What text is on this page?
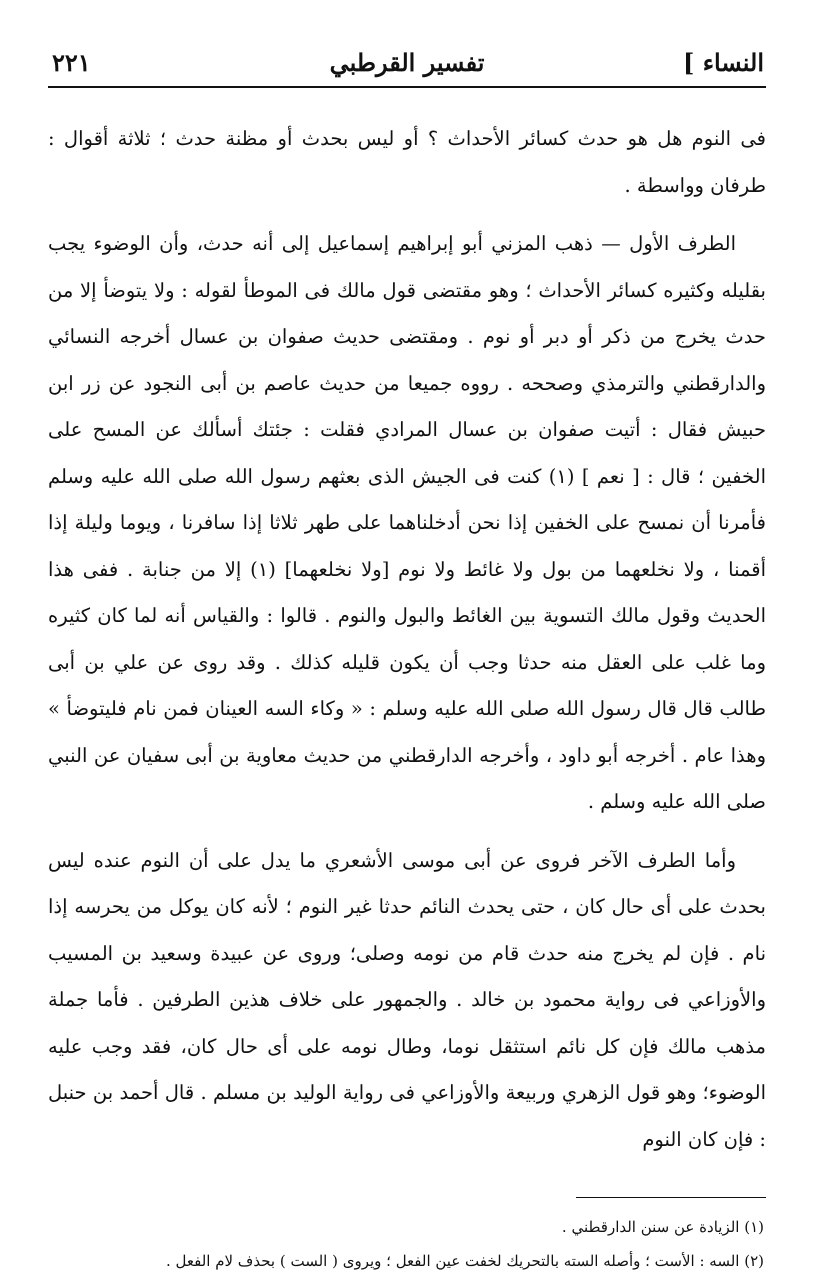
النساء ]
تفسير القرطبي
٢٢١

فى النوم هل هو حدث كسائر الأحداث ؟ أو ليس بحدث أو مظنة حدث ؛ ثلاثة أقوال : طرفان وواسطة .

الطرف الأول — ذهب المزني أبو إبراهيم إسماعيل إلى أنه حدث، وأن الوضوء يجب بقليله وكثيره كسائر الأحداث ؛ وهو مقتضى قول مالك فى الموطأ لقوله : ولا يتوضأ إلا من حدث يخرج من ذكر أو دبر أو نوم . ومقتضى حديث صفوان بن عسال أخرجه النسائي والدارقطني والترمذي وصححه . رووه جميعا من حديث عاصم بن أبى النجود عن زر ابن حبيش فقال : أتيت صفوان بن عسال المرادي فقلت : جئتك أسألك عن المسح على الخفين ؛ قال : [ نعم ] (١) كنت فى الجيش الذى بعثهم رسول الله صلى الله عليه وسلم فأمرنا أن نمسح على الخفين إذا نحن أدخلناهما على طهر ثلاثا إذا سافرنا ، ويوما وليلة إذا أقمنا ، ولا نخلعهما من بول ولا غائط ولا نوم [ولا نخلعهما] (١) إلا من جنابة . ففى هذا الحديث وقول مالك التسوية بين الغائط والبول والنوم . قالوا : والقياس أنه لما كان كثيره وما غلب على العقل منه حدثا وجب أن يكون قليله كذلك . وقد روى عن علي بن أبى طالب قال قال رسول الله صلى الله عليه وسلم : « وكاء السه العينان فمن نام فليتوضأ » وهذا عام . أخرجه أبو داود ، وأخرجه الدارقطني من حديث معاوية بن أبى سفيان عن النبي صلى الله عليه وسلم .

وأما الطرف الآخر فروى عن أبى موسى الأشعري ما يدل على أن النوم عنده ليس بحدث على أى حال كان ، حتى يحدث النائم حدثا غير النوم ؛ لأنه كان يوكل من يحرسه إذا نام . فإن لم يخرج منه حدث قام من نومه وصلى؛ وروى عن عبيدة وسعيد بن المسيب والأوزاعي فى رواية محمود بن خالد . والجمهور على خلاف هذين الطرفين . فأما جملة مذهب مالك فإن كل نائم استثقل نوما، وطال نومه على أى حال كان، فقد وجب عليه الوضوء؛ وهو قول الزهري وربيعة والأوزاعي فى رواية الوليد بن مسلم . قال أحمد بن حنبل : فإن كان النوم

(١) الزيادة عن سنن الدارقطني .

(٢) السه : الأست ؛ وأصله السته بالتحريك لخفت عين الفعل ؛ ويروى ( الست ) بحذف لام الفعل .
